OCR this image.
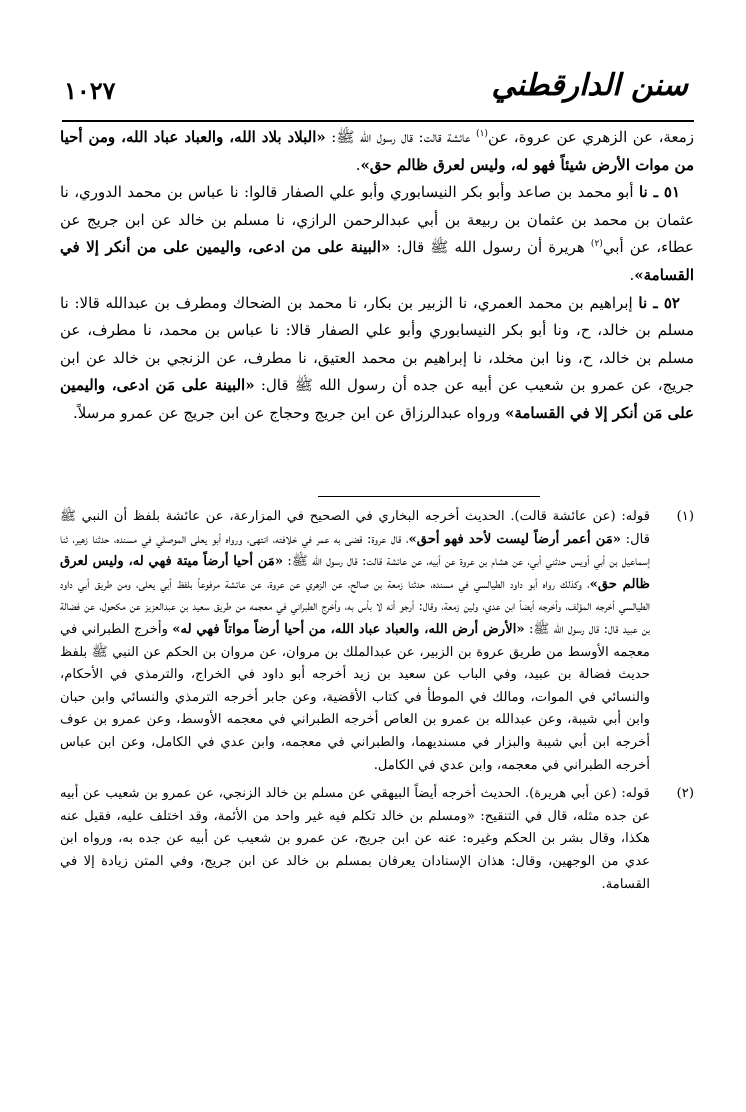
سنن الدارقطني
١٠٢٧

زمعة، عن الزهري عن عروة، عن$^{(١)}$ عائشة قالت: قال رسول الله ﷺ: «البلاد بلاد الله، والعباد عباد الله، ومن أحيا من موات الأرض شيئاً فهو له، وليس لعرق ظالم حق».

٥١ ـ نا أبو محمد بن صاعد وأبو بكر النيسابوري وأبو علي الصفار قالوا: نا عباس بن محمد الدوري، نا عثمان بن محمد بن عثمان بن ربيعة بن أبي عبدالرحمن الرازي، نا مسلم بن خالد عن ابن جريج عن عطاء، عن أبي$^{(٢)}$ هريرة أن رسول الله ﷺ قال: «البينة على من ادعى، واليمين على من أنكر إلا في القسامة».

٥٢ ـ نا إبراهيم بن محمد العمري، نا الزبير بن بكار، نا محمد بن الضحاك ومطرف بن عبدالله قالا: نا مسلم بن خالد، ح، ونا أبو بكر النيسابوري وأبو علي الصفار قالا: نا عباس بن محمد، نا مطرف، عن مسلم بن خالد، ح، ونا ابن مخلد، نا إبراهيم بن محمد العتيق، نا مطرف، عن الزنجي بن خالد عن ابن جريج، عن عمرو بن شعيب عن أبيه عن جده أن رسول الله ﷺ قال: «البينة على مَن ادعى، واليمين على مَن أنكر إلا في القسامة» ورواه عبدالرزاق عن ابن جريج وحجاج عن ابن جريج عن عمرو مرسلاً.

(١)
قوله: (عن عائشة قالت). الحديث أخرجه البخاري في الصحيح في المزارعة، عن عائشة بلفظ أن النبي ﷺ قال: «مَن أعمر أرضاً ليست لأحد فهو أحق»، قال عروة: قضى به عمر في خلافته، انتهى، ورواه أبو يعلى الموصلي في مسنده، حدثنا زهير، ثنا إسماعيل بن أبي أويس حدثني أبي، عن هشام بن عروة عن أبيه، عن عائشة قالت: قال رسول الله ﷺ: «مَن أحيا أرضاً ميتة فهي له، وليس لعرق ظالم حق»، وكذلك رواه أبو داود الطيالسي في مسنده، حدثنا زمعة بن صالح، عن الزهري عن عروة، عن عائشة مرفوعاً بلفظ أبي يعلى، ومن طريق أبي داود الطيالسي أخرجه المؤلف، وأخرجه أيضاً ابن عدي، ولين زمعة، وقال: أرجو أنه لا بأس به، وأخرج الطبراني في معجمه من طريق سعيد بن عبدالعزيز عن مكحول، عن فضالة بن عبيد قال: قال رسول الله ﷺ: «الأرض أرض الله، والعباد عباد الله، من أحيا أرضاً مواتاً فهي له» وأخرج الطبراني في معجمه الأوسط من طريق عروة بن الزبير، عن عبدالملك بن مروان، عن مروان بن الحكم عن النبي ﷺ بلفظ حديث فضالة بن عبيد، وفي الباب عن سعيد بن زيد أخرجه أبو داود في الخراج، والترمذي في الأحكام، والنسائي في الموات، ومالك في الموطأ في كتاب الأقضية، وعن جابر أخرجه الترمذي والنسائي وابن حبان وابن أبي شيبة، وعن عبدالله بن عمرو بن العاص أخرجه الطبراني في معجمه الأوسط، وعن عمرو بن عوف أخرجه ابن أبي شيبة والبزار في مسنديهما، والطبراني في معجمه، وابن عدي في الكامل، وعن ابن عباس أخرجه الطبراني في معجمه، وابن عدي في الكامل.
(٢)
قوله: (عن أبي هريرة). الحديث أخرجه أيضاً البيهقي عن مسلم بن خالد الزنجي، عن عمرو بن شعيب عن أبيه عن جده مثله، قال في التنقيح: «ومسلم بن خالد تكلم فيه غير واحد من الأئمة، وقد اختلف عليه، فقيل عنه هكذا، وقال بشر بن الحكم وغيره: عنه عن ابن جريج، عن عمرو بن شعيب عن أبيه عن جده به، ورواه ابن عدي من الوجهين، وقال: هذان الإسنادان يعرفان بمسلم بن خالد عن ابن جريج، وفي المتن زيادة إلا في القسامة.
